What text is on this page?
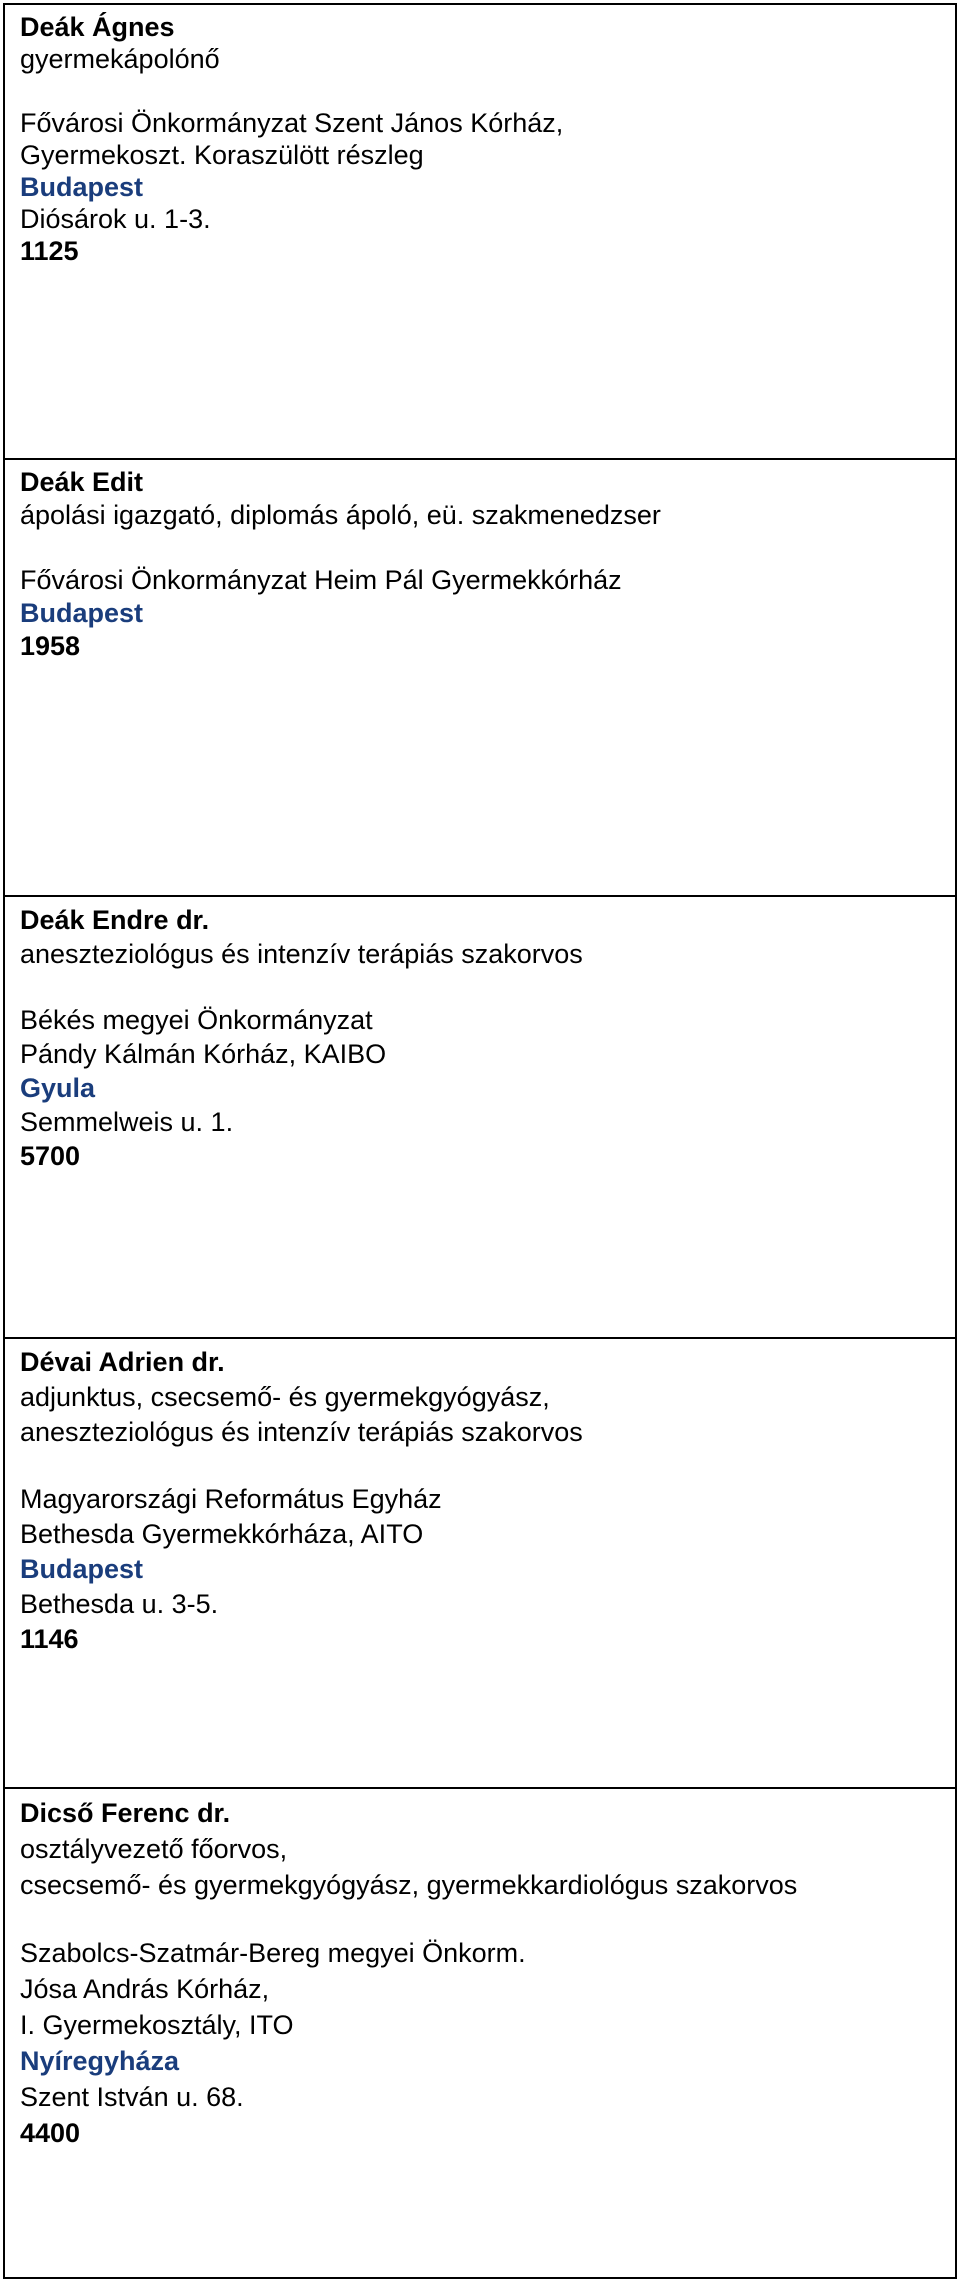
Deák Ágnes
gyermekápolónő
Fővárosi Önkormányzat Szent János Kórház,
Gyermekoszt. Koraszülött részleg
Budapest
Diósárok u. 1-3.
1125
Deák Edit
ápolási igazgató, diplomás ápoló, eü. szakmenedzser
Fővárosi Önkormányzat Heim Pál Gyermekkórház
Budapest
1958
Deák Endre dr.
aneszteziológus és intenzív terápiás szakorvos
Békés megyei Önkormányzat
Pándy Kálmán Kórház, KAIBO
Gyula
Semmelweis u. 1.
5700
Dévai Adrien dr.
adjunktus, csecsemő- és gyermekgyógyász,
aneszteziológus és intenzív terápiás szakorvos
Magyarországi Református Egyház
Bethesda Gyermekkórháza, AITO
Budapest
Bethesda u. 3-5.
1146
Dicső Ferenc dr.
osztályvezető főorvos,
csecsemő- és gyermekgyógyász, gyermekkardiológus szakorvos
Szabolcs-Szatmár-Bereg megyei Önkorm.
Jósa András Kórház,
I. Gyermekosztály, ITO
Nyíregyháza
Szent István u. 68.
4400
